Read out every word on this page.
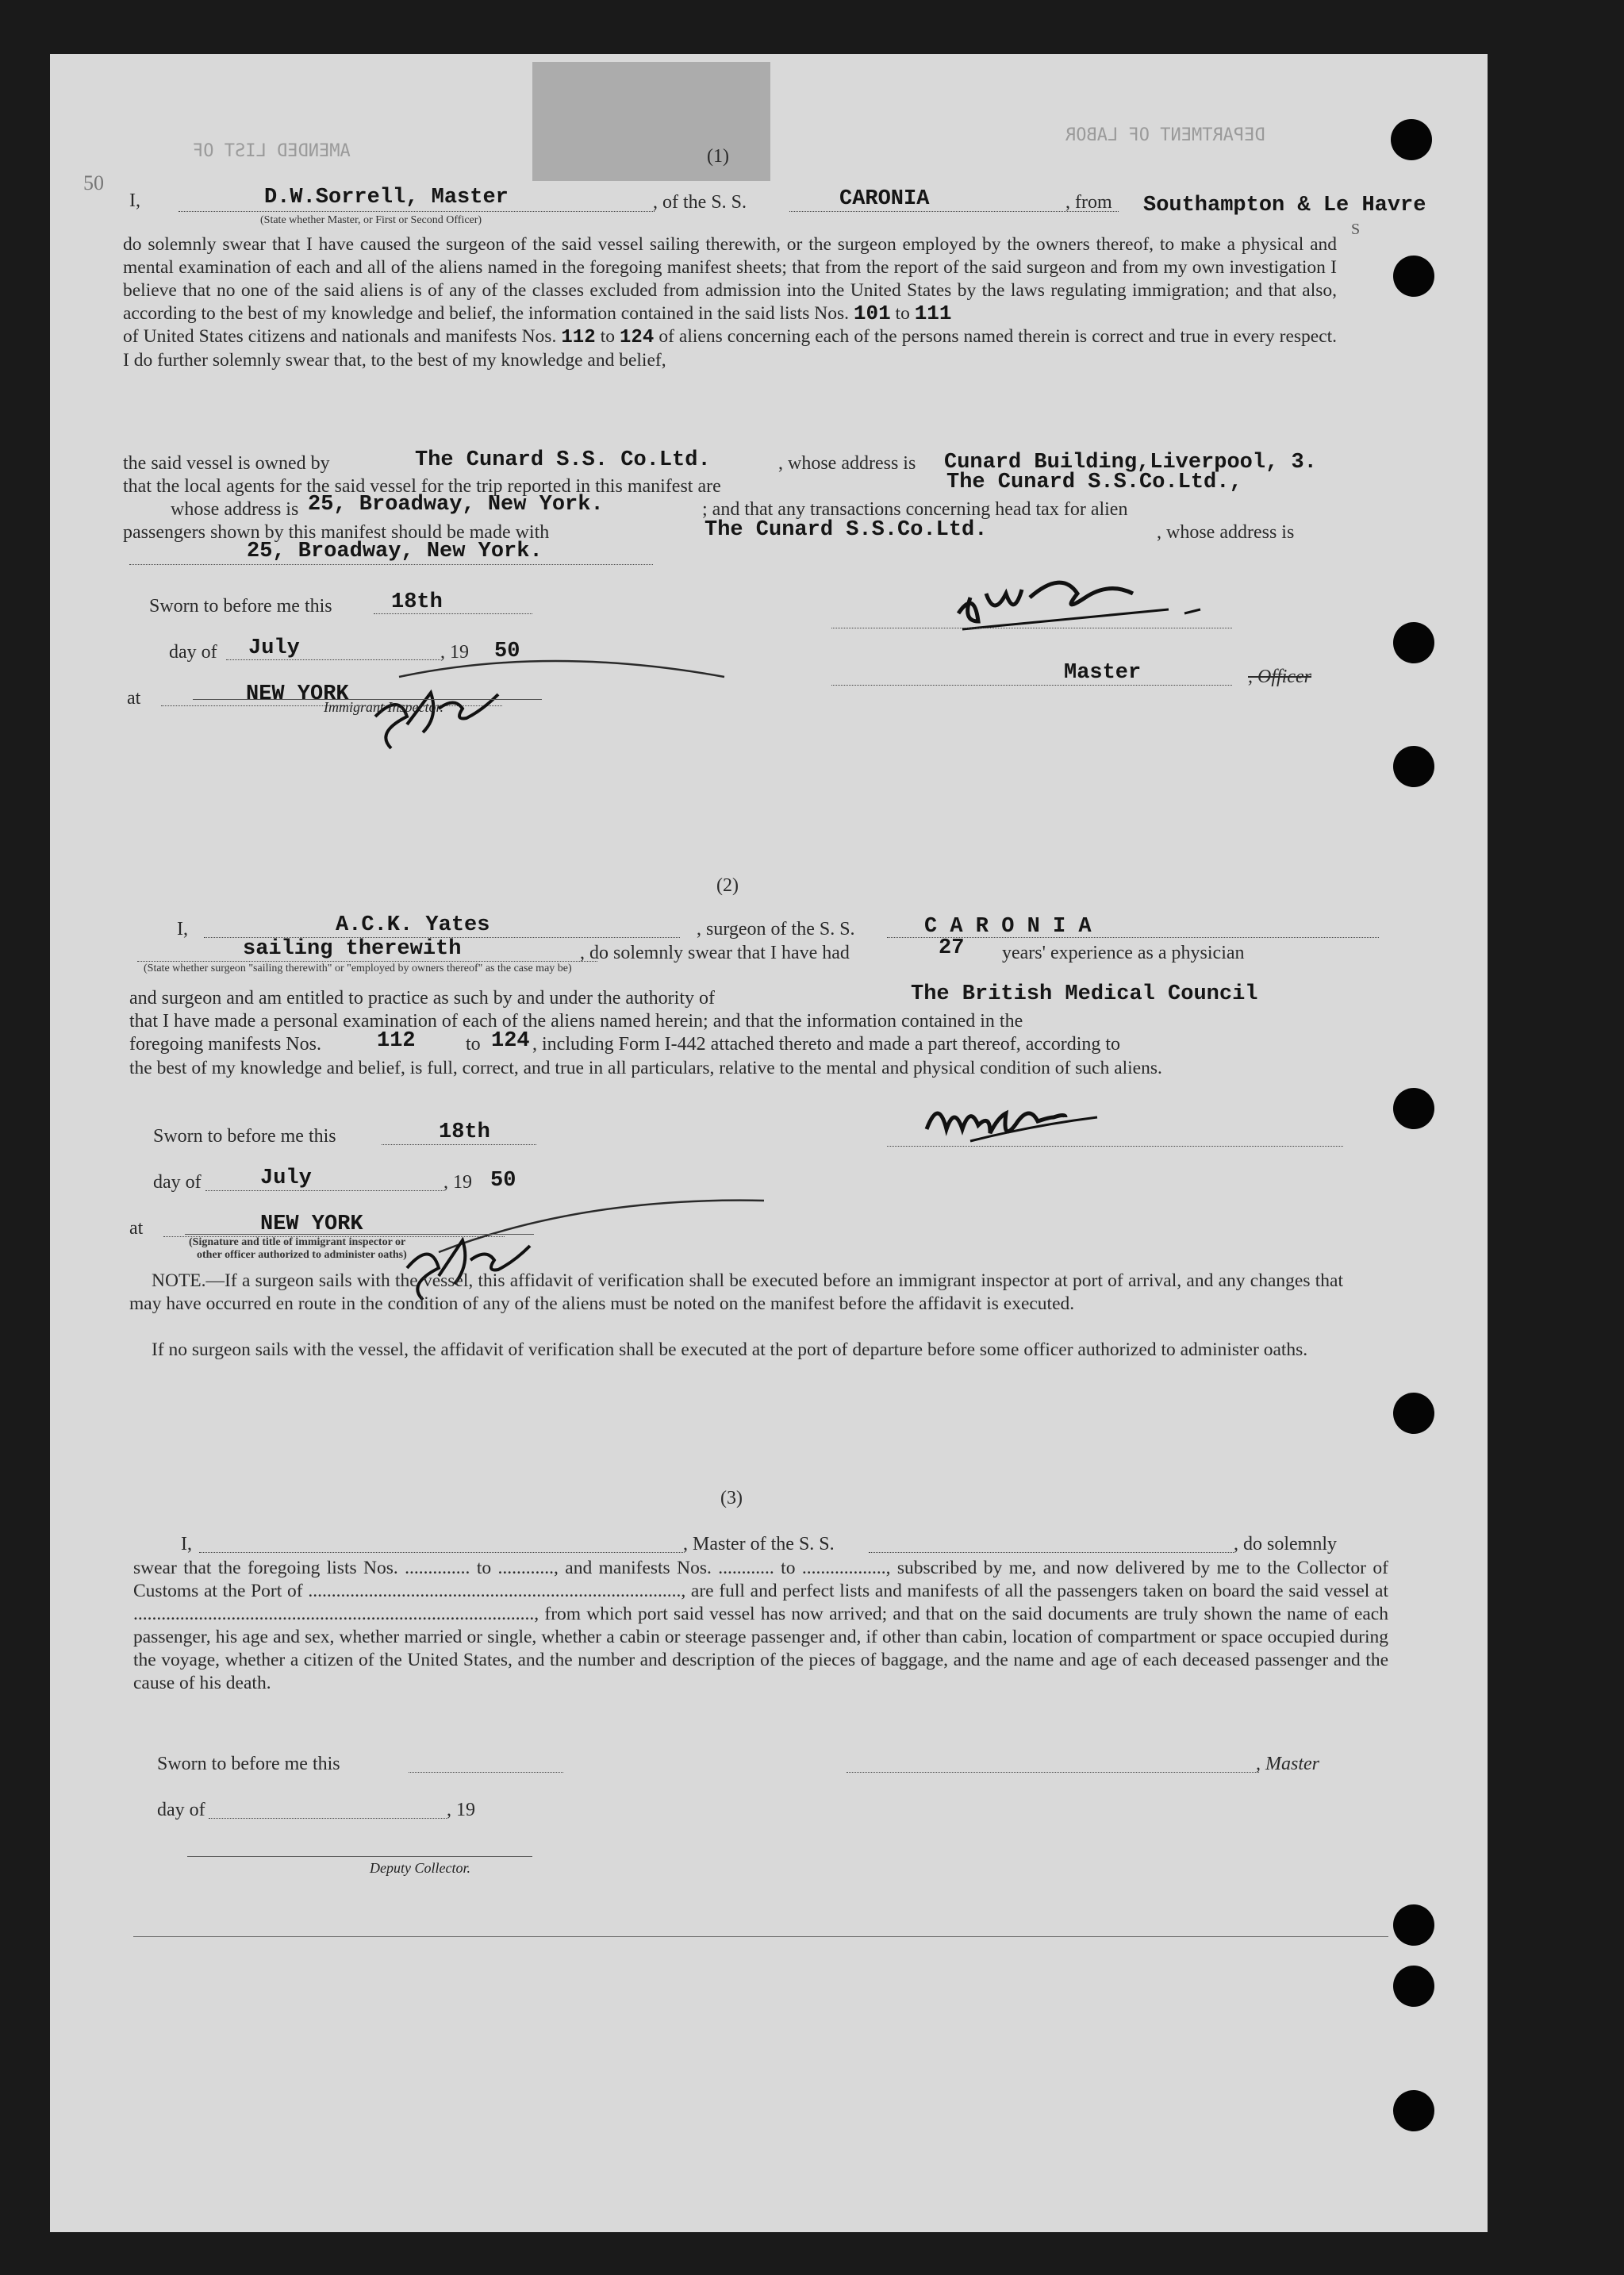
AMENDED LIST OF
DEPARTMENT OF LABOR
(1)
I,	D.W.Sorrell, Master
(State whether Master, or First or Second Officer)
, of the S. S.	CARONIA	, from Southampton & Le Havre
do solemnly swear that I have caused the surgeon of the said vessel sailing therewith, or the surgeon employed by the owners thereof, to make a physical and mental examination of each and all of the aliens named in the foregoing manifest sheets; that from the report of the said surgeon and from my own investigation I believe that no one of the said aliens is of any of the classes excluded from admission into the United States by the laws regulating immigration; and that also, according to the best of my knowledge and belief, the information contained in the said lists Nos. 101 to 111
of United States citizens and nationals and manifests Nos. 112 to 124 of aliens concerning each of the persons named therein is correct and true in every respect. I do further solemnly swear that, to the best of my knowledge and belief,
the said vessel is owned by	The Cunard S.S. Co.Ltd.	, whose address is Cunard Building,Liverpool, 3.
that the local agents for the said vessel for the trip reported in this manifest are	The Cunard S.S.Co.Ltd.,
whose address is 25, Broadway, New York.	; and that any transactions concerning head tax for alien
passengers shown by this manifest should be made with	The Cunard S.S.Co.Ltd.	, whose address is
25, Broadway, New York.
Sworn to before me this	18th
day of July	, 19 50
at	NEW YORK
Immigrant Inspector.
Master	, Officer
(2)
I,	A.C.K. Yates	, surgeon of the S. S.	C A R O N I A
sailing therewith	, do solemnly swear that I have had	27 years' experience as a physician
(State whether surgeon "sailing therewith" or "employed by owners thereof" as the case may be)
and surgeon and am entitled to practice as such by and under the authority of	The British Medical Council
that I have made a personal examination of each of the aliens named herein; and that the information contained in the
foregoing manifests Nos.	112	to 124 , including Form I-442 attached thereto and made a part thereof, according to
the best of my knowledge and belief, is full, correct, and true in all particulars, relative to the mental and physical condition of such aliens.
Sworn to before me this	18th
day of	July	, 19 50
at	NEW YORK
(Signature and title of immigrant inspector or
other officer authorized to administer oaths)
NOTE.—If a surgeon sails with the vessel, this affidavit of verification shall be executed before an immigrant inspector at port of arrival, and any changes that may have occurred en route in the condition of any of the aliens must be noted on the manifest before the affidavit is executed.
If no surgeon sails with the vessel, the affidavit of verification shall be executed at the port of departure before some officer authorized to administer oaths.
(3)
I,	, Master of the S. S.	, do solemnly
swear that the foregoing lists Nos. .............. to ............, and manifests Nos. ............ to .................., subscribed by me, and now delivered by me to the Collector of Customs at the Port of ................................................................................, are full and perfect lists and manifests of all the passengers taken on board the said vessel at ......................................................................................, from which port said vessel has now arrived; and that on the said documents are truly shown the name of each passenger, his age and sex, whether married or single, whether a cabin or steerage passenger and, if other than cabin, location of compartment or space occupied during the voyage, whether a citizen of the United States, and the number and description of the pieces of baggage, and the name and age of each deceased passenger and the cause of his death.
Sworn to before me this	, Master
day of	, 19
Deputy Collector.
S
50
